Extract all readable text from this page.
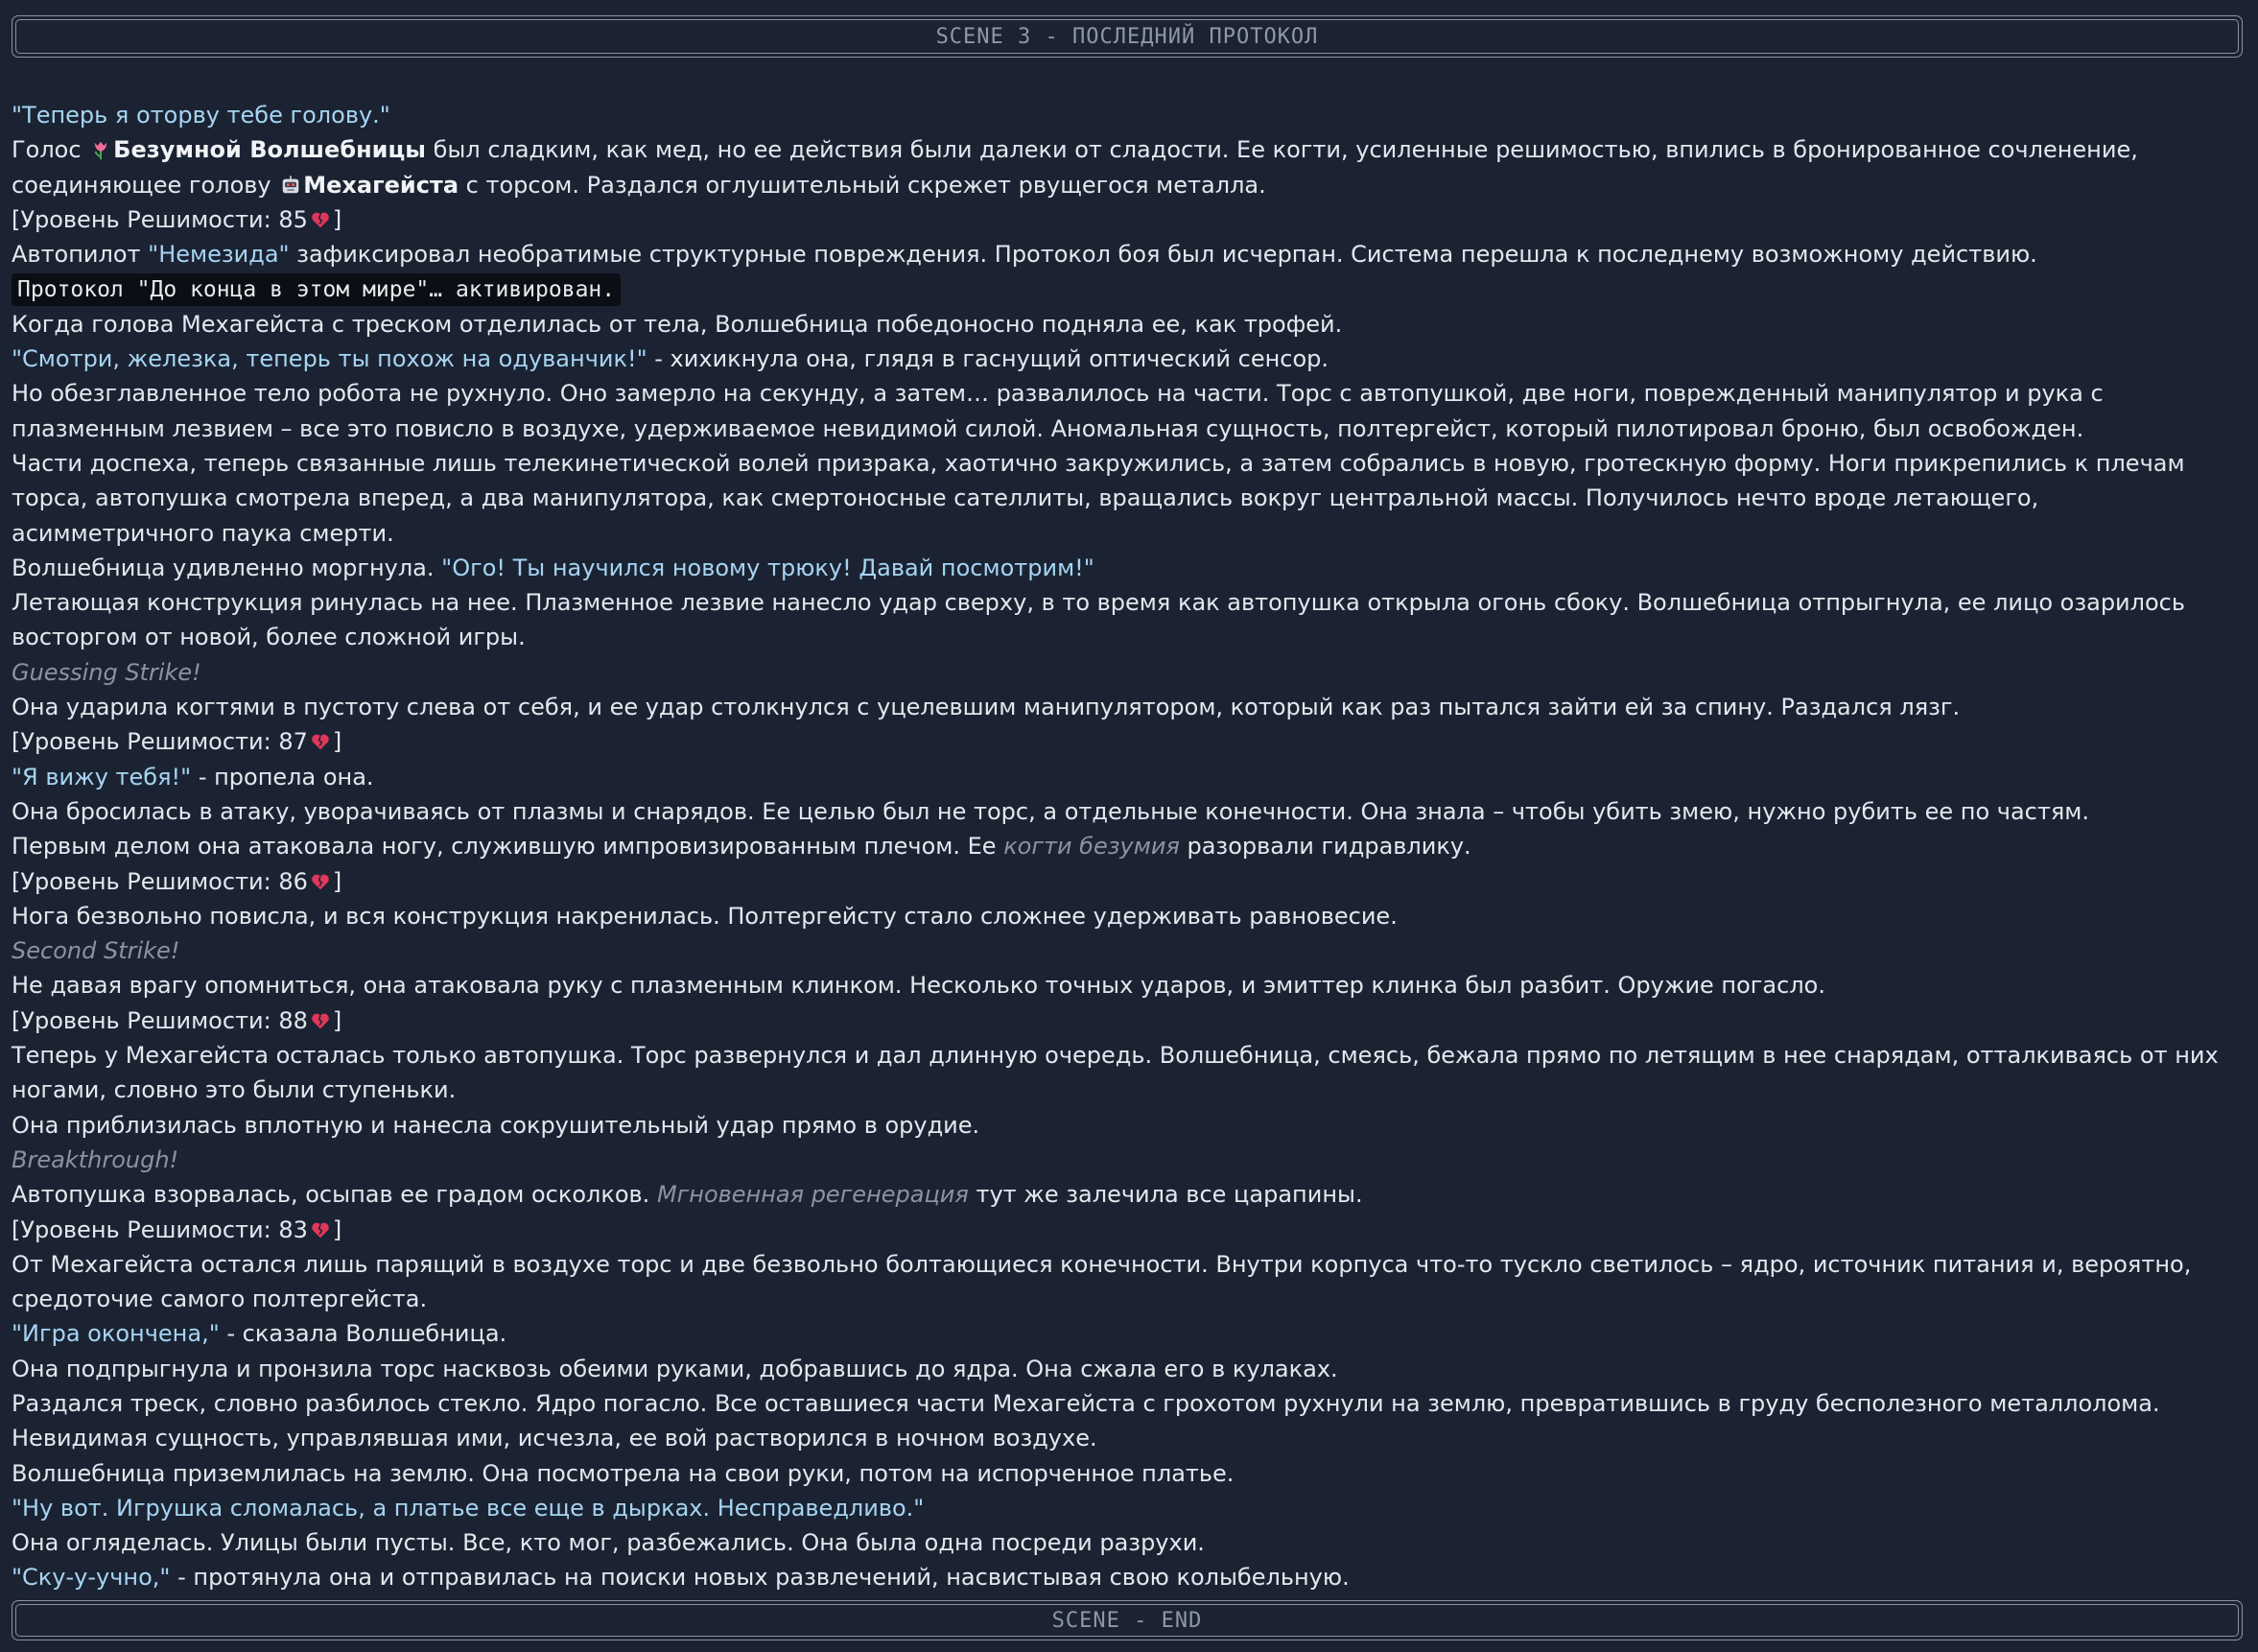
SCENE 3 - ПОСЛЕДНИЙ ПРОТОКОЛ

"Теперь я оторву тебе голову."

Голос Безумной Волшебницы был сладким, как мед, но ее действия были далеки от сладости. Ее когти, усиленные решимостью, впились в бронированное сочленение, соединяющее голову Мехагейста с торсом. Раздался оглушительный скрежет рвущегося металла.

[Уровень Решимости: 85 ]

Автопилот "Немезида" зафиксировал необратимые структурные повреждения. Протокол боя был исчерпан. Система перешла к последнему возможному действию.

Протокол "До конца в этом мире"… активирован.

Когда голова Мехагейста с треском отделилась от тела, Волшебница победоносно подняла ее, как трофей.

"Смотри, железка, теперь ты похож на одуванчик!" - хихикнула она, глядя в гаснущий оптический сенсор.

Но обезглавленное тело робота не рухнуло. Оно замерло на секунду, а затем… развалилось на части. Торс с автопушкой, две ноги, поврежденный манипулятор и рука с плазменным лезвием – все это повисло в воздухе, удерживаемое невидимой силой. Аномальная сущность, полтергейст, который пилотировал броню, был освобожден.

Части доспеха, теперь связанные лишь телекинетической волей призрака, хаотично закружились, а затем собрались в новую, гротескную форму. Ноги прикрепились к плечам торса, автопушка смотрела вперед, а два манипулятора, как смертоносные сателлиты, вращались вокруг центральной массы. Получилось нечто вроде летающего, асимметричного паука смерти.

Волшебница удивленно моргнула. "Ого! Ты научился новому трюку! Давай посмотрим!"

Летающая конструкция ринулась на нее. Плазменное лезвие нанесло удар сверху, в то время как автопушка открыла огонь сбоку. Волшебница отпрыгнула, ее лицо озарилось восторгом от новой, более сложной игры.

Guessing Strike!

Она ударила когтями в пустоту слева от себя, и ее удар столкнулся с уцелевшим манипулятором, который как раз пытался зайти ей за спину. Раздался лязг.

[Уровень Решимости: 87 ]

"Я вижу тебя!" - пропела она.

Она бросилась в атаку, уворачиваясь от плазмы и снарядов. Ее целью был не торс, а отдельные конечности. Она знала – чтобы убить змею, нужно рубить ее по частям.

Первым делом она атаковала ногу, служившую импровизированным плечом. Ее когти безумия разорвали гидравлику.

[Уровень Решимости: 86 ]

Нога безвольно повисла, и вся конструкция накренилась. Полтергейсту стало сложнее удерживать равновесие.

Second Strike!

Не давая врагу опомниться, она атаковала руку с плазменным клинком. Несколько точных ударов, и эмиттер клинка был разбит. Оружие погасло.

[Уровень Решимости: 88 ]

Теперь у Мехагейста осталась только автопушка. Торс развернулся и дал длинную очередь. Волшебница, смеясь, бежала прямо по летящим в нее снарядам, отталкиваясь от них ногами, словно это были ступеньки.

Она приблизилась вплотную и нанесла сокрушительный удар прямо в орудие.

Breakthrough!

Автопушка взорвалась, осыпав ее градом осколков. Мгновенная регенерация тут же залечила все царапины.

[Уровень Решимости: 83 ]

От Мехагейста остался лишь парящий в воздухе торс и две безвольно болтающиеся конечности. Внутри корпуса что-то тускло светилось – ядро, источник питания и, вероятно, средоточие самого полтергейста.

"Игра окончена," - сказала Волшебница.

Она подпрыгнула и пронзила торс насквозь обеими руками, добравшись до ядра. Она сжала его в кулаках.

Раздался треск, словно разбилось стекло. Ядро погасло. Все оставшиеся части Мехагейста с грохотом рухнули на землю, превратившись в груду бесполезного металлолома.

Невидимая сущность, управлявшая ими, исчезла, ее вой растворился в ночном воздухе.

Волшебница приземлилась на землю. Она посмотрела на свои руки, потом на испорченное платье.

"Ну вот. Игрушка сломалась, а платье все еще в дырках. Несправедливо."

Она огляделась. Улицы были пусты. Все, кто мог, разбежались. Она была одна посреди разрухи.

"Ску-у-учно," - протянула она и отправилась на поиски новых развлечений, насвистывая свою колыбельную.

SCENE - END
